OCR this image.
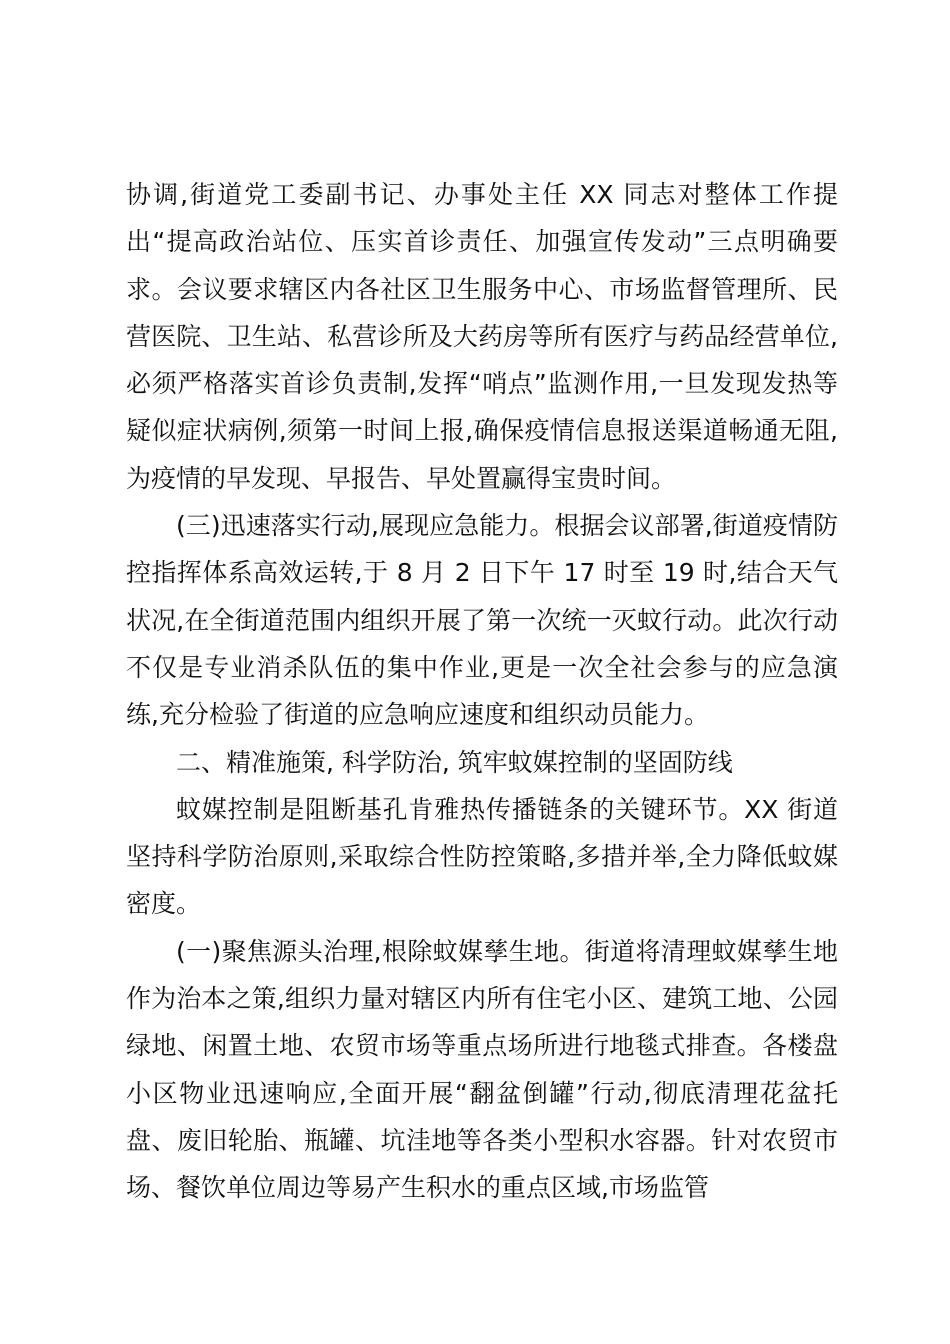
协调,街道党工委副书记、办事处主任 XX 同志对整体工作提出“提高政治站位、压实首诊责任、加强宣传发动”三点明确要求。会议要求辖区内各社区卫生服务中心、市场监督管理所、民营医院、卫生站、私营诊所及大药房等所有医疗与药品经营单位,必须严格落实首诊负责制,发挥“哨点”监测作用,一旦发现发热等疑似症状病例,须第一时间上报,确保疫情信息报送渠道畅通无阻,为疫情的早发现、早报告、早处置赢得宝贵时间。

(三)迅速落实行动,展现应急能力。根据会议部署,街道疫情防控指挥体系高效运转,于 8 月 2 日下午 17 时至 19 时,结合天气状况,在全街道范围内组织开展了第一次统一灭蚊行动。此次行动不仅是专业消杀队伍的集中作业,更是一次全社会参与的应急演练,充分检验了街道的应急响应速度和组织动员能力。

二、精准施策, 科学防治, 筑牢蚊媒控制的坚固防线

蚊媒控制是阻断基孔肯雅热传播链条的关键环节。XX 街道坚持科学防治原则,采取综合性防控策略,多措并举,全力降低蚊媒密度。

(一)聚焦源头治理,根除蚊媒孳生地。街道将清理蚊媒孳生地作为治本之策,组织力量对辖区内所有住宅小区、建筑工地、公园绿地、闲置土地、农贸市场等重点场所进行地毯式排查。各楼盘小区物业迅速响应,全面开展“翻盆倒罐”行动,彻底清理花盆托盘、废旧轮胎、瓶罐、坑洼地等各类小型积水容器。针对农贸市场、餐饮单位周边等易产生积水的重点区域,市场监管
